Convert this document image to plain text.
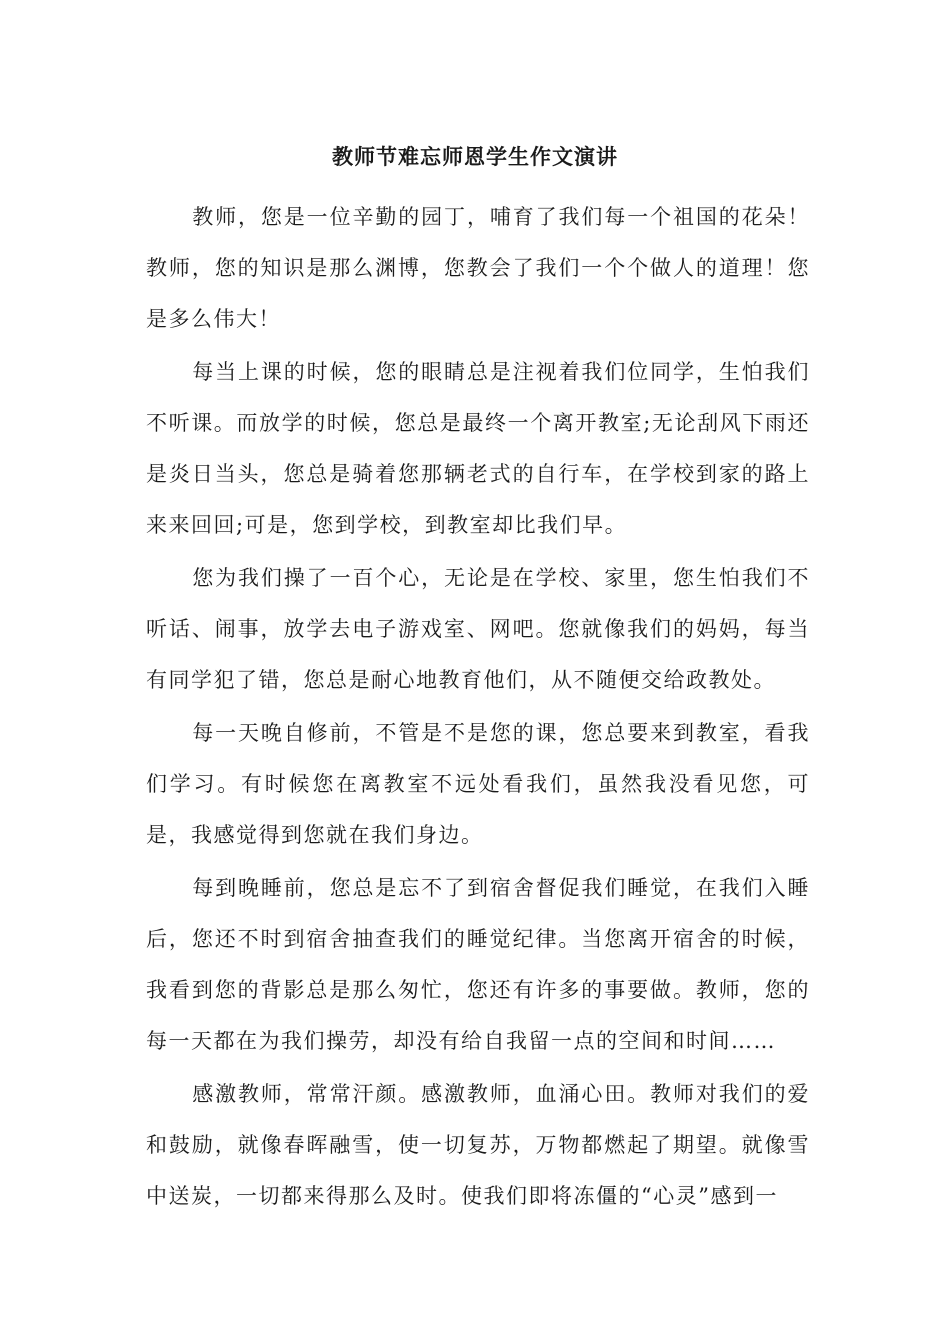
教师节难忘师恩学生作文演讲

教师，您是一位辛勤的园丁，哺育了我们每一个祖国的花朵！教师，您的知识是那么渊博，您教会了我们一个个做人的道理！您是多么伟大！

每当上课的时候，您的眼睛总是注视着我们位同学，生怕我们不听课。而放学的时候，您总是最终一个离开教室;无论刮风下雨还是炎日当头，您总是骑着您那辆老式的自行车，在学校到家的路上来来回回;可是，您到学校，到教室却比我们早。

您为我们操了一百个心，无论是在学校、家里，您生怕我们不听话、闹事，放学去电子游戏室、网吧。您就像我们的妈妈，每当有同学犯了错，您总是耐心地教育他们，从不随便交给政教处。

每一天晚自修前，不管是不是您的课，您总要来到教室，看我们学习。有时候您在离教室不远处看我们，虽然我没看见您，可是，我感觉得到您就在我们身边。

每到晚睡前，您总是忘不了到宿舍督促我们睡觉，在我们入睡后，您还不时到宿舍抽查我们的睡觉纪律。当您离开宿舍的时候，我看到您的背影总是那么匆忙，您还有许多的事要做。教师，您的每一天都在为我们操劳，却没有给自我留一点的空间和时间……

感激教师，常常汗颜。感激教师，血涌心田。教师对我们的爱和鼓励，就像春晖融雪，使一切复苏，万物都燃起了期望。就像雪中送炭，一切都来得那么及时。使我们即将冻僵的“心灵”感到一
